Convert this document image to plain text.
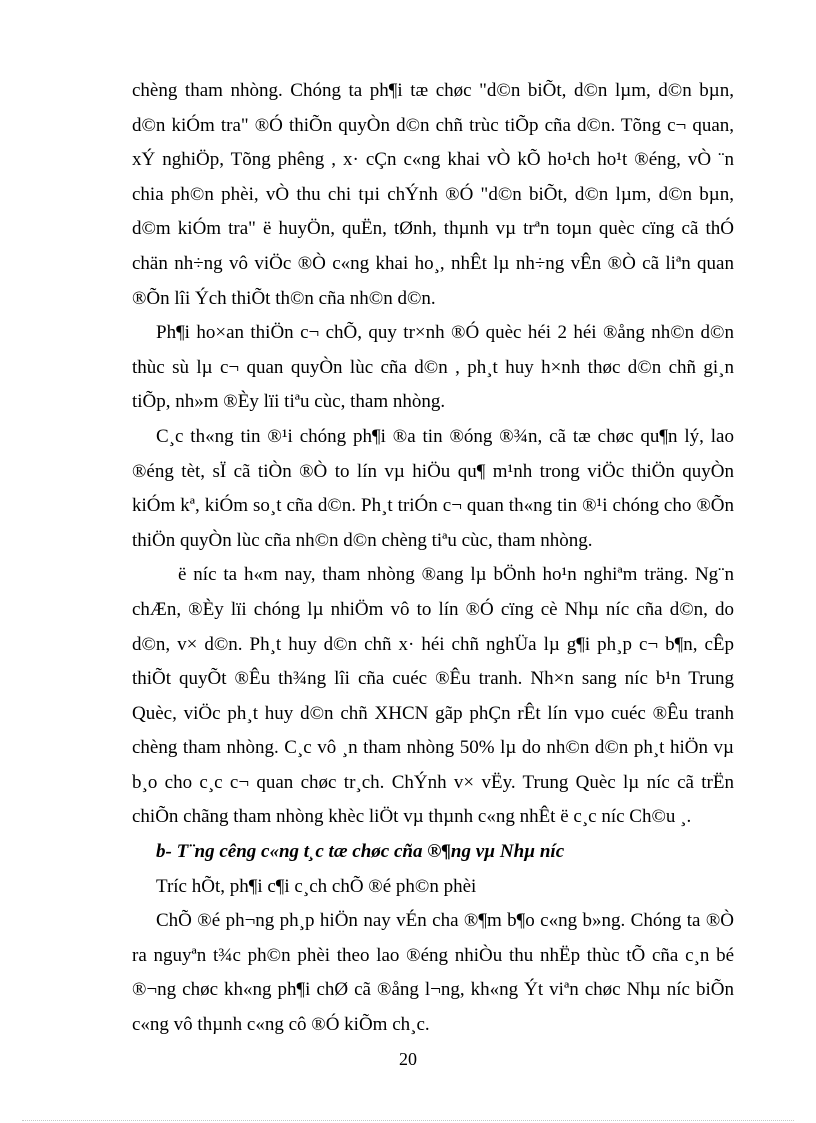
chèng tham nhòng. Chóng ta ph¶i tæ chøc "d©n biÕt, d©n lµm, d©n bµn, d©n kiÓm tra" ®Ó thiÕn quyÒn d©n chñ trùc tiÕp cña d©n. Tõng c¬ quan, xÝ nghiÖp, Tõng phêng , x· cÇn c«ng khai vÒ kÕ ho¹ch ho¹t ®éng, vÒ ¨n chia ph©n phèi, vÒ thu chi tµi chÝnh ®Ó "d©n biÕt, d©n lµm, d©n bµn, d©m kiÓm tra" ë huyÖn, quËn, tØnh, thµnh vµ trªn toµn quèc cïng cã thÓ chän nh÷ng vô viÖc ®Ò c«ng khai ho¸, nhÊt lµ nh÷ng vÊn ®Ò cã liªn quan ®Õn lîi Ých thiÕt th©n cña nh©n d©n.

Ph¶i ho×an thiÖn c¬ chÕ, quy tr×nh ®Ó quèc héi 2 héi ®ång nh©n d©n thùc sù lµ c¬ quan quyÒn lùc cña d©n , ph¸t huy h×nh thøc d©n chñ gi¸n tiÕp, nh»m ®Èy lïi tiªu cùc, tham nhòng.

C¸c th«ng tin ®¹i chóng ph¶i ®a tin ®óng ®¾n, cã tæ chøc qu¶n lý, lao ®éng tèt, sÏ cã tiÒn ®Ò to lín vµ hiÖu qu¶ m¹nh trong viÖc thiÖn quyÒn kiÓm kª, kiÓm so¸t cña d©n. Ph¸t triÓn c¬ quan th«ng tin ®¹i chóng cho ®Õn thiÖn quyÒn lùc cña nh©n d©n chèng tiªu cùc, tham nhòng.

ë níc ta h«m nay, tham nhòng ®ang lµ bÖnh ho¹n nghiªm träng. Ng¨n chÆn, ®Èy lïi chóng lµ nhiÖm vô to lín ®Ó cïng cè Nhµ níc cña d©n, do d©n, v× d©n. Ph¸t huy d©n chñ x· héi chñ nghÜa lµ g¶i ph¸p c¬ b¶n, cÊp thiÕt quyÕt ®Êu th¾ng lîi cña cuéc ®Êu tranh. Nh×n sang níc b¹n Trung Quèc, viÖc ph¸t huy d©n chñ XHCN gãp phÇn rÊt lín vµo cuéc ®Êu tranh chèng tham nhòng. C¸c vô ¸n tham nhòng 50% lµ do nh©n d©n ph¸t hiÖn vµ b¸o cho c¸c c¬ quan chøc tr¸ch. ChÝnh v× vËy. Trung Quèc lµ níc cã trËn chiÕn chãng tham nhòng khèc liÖt vµ thµnh c«ng nhÊt ë c¸c níc Ch©u ¸.

b- T¨ng cêng c«ng t¸c tæ chøc cña ®¶ng vµ Nhµ níc

Tríc hÕt, ph¶i c¶i c¸ch chÕ ®é ph©n phèi

ChÕ ®é ph¬ng ph¸p hiÖn nay vÉn cha ®¶m b¶o c«ng b»ng. Chóng ta ®Ò ra nguyªn t¾c ph©n phèi theo lao ®éng nhiÒu thu nhËp thùc tÕ cña c¸n bé ®¬ng chøc kh«ng ph¶i chØ cã ®ång l¬ng, kh«ng Ýt viªn chøc Nhµ níc biÕn c«ng vô thµnh c«ng cô ®Ó kiÕm ch¸c.

20
